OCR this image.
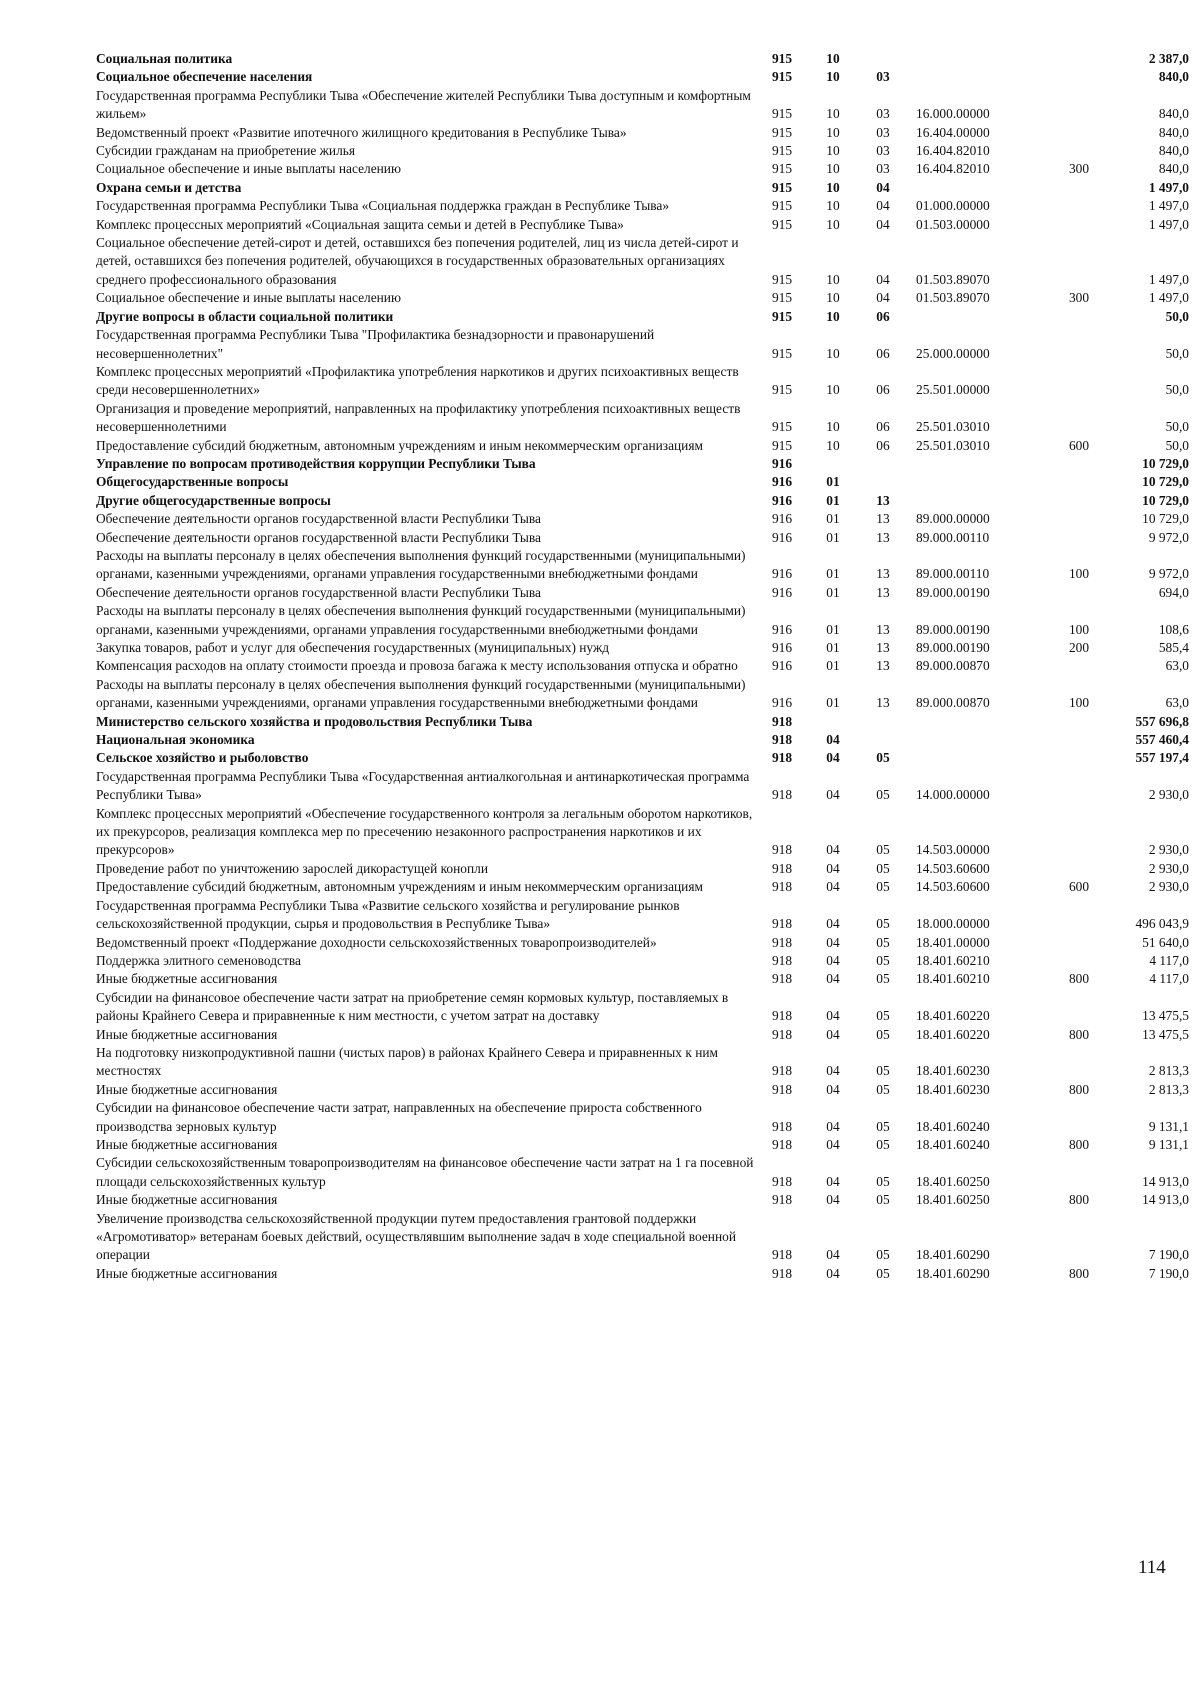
Социальная политика	915	10				2 387,0
Социальное обеспечение населения	915	10	03			840,0
Государственная программа Республики Тыва «Обеспечение жителей Республики Тыва доступным и комфортным жильем»	915	10	03	16.000.00000		840,0
Ведомственный проект «Развитие ипотечного жилищного кредитования в Республике Тыва»	915	10	03	16.404.00000		840,0
Субсидии гражданам на приобретение жилья	915	10	03	16.404.82010		840,0
Социальное обеспечение и иные выплаты населению	915	10	03	16.404.82010	300	840,0
Охрана семьи и детства	915	10	04			1 497,0
Государственная программа Республики Тыва «Социальная поддержка граждан в Республике Тыва»	915	10	04	01.000.00000		1 497,0
Комплекс процессных мероприятий «Социальная защита семьи и детей в Республике Тыва»	915	10	04	01.503.00000		1 497,0
Социальное обеспечение детей-сирот и детей, оставшихся без попечения родителей, лиц из числа детей-сирот и детей, оставшихся без попечения родителей, обучающихся в государственных образовательных организациях среднего профессионального образования	915	10	04	01.503.89070		1 497,0
Социальное обеспечение и иные выплаты населению	915	10	04	01.503.89070	300	1 497,0
Другие вопросы в области социальной политики	915	10	06			50,0
Государственная программа Республики Тыва "Профилактика безнадзорности и правонарушений несовершеннолетних"	915	10	06	25.000.00000		50,0
Комплекс процессных мероприятий «Профилактика употребления наркотиков и других психоактивных веществ среди несовершеннолетних»	915	10	06	25.501.00000		50,0
Организация и проведение мероприятий, направленных на профилактику употребления психоактивных веществ несовершеннолетними	915	10	06	25.501.03010		50,0
Предоставление субсидий бюджетным, автономным учреждениям и иным некоммерческим организациям	915	10	06	25.501.03010	600	50,0
Управление по вопросам противодействия коррупции Республики Тыва	916					10 729,0
Общегосударственные вопросы	916	01				10 729,0
Другие общегосударственные вопросы	916	01	13			10 729,0
Обеспечение деятельности органов государственной власти Республики Тыва	916	01	13	89.000.00000		10 729,0
Обеспечение деятельности органов государственной власти Республики Тыва	916	01	13	89.000.00110		9 972,0
Расходы на выплаты персоналу в целях обеспечения выполнения функций государственными (муниципальными) органами, казенными учреждениями, органами управления государственными внебюджетными фондами	916	01	13	89.000.00110	100	9 972,0
Обеспечение деятельности органов государственной власти Республики Тыва	916	01	13	89.000.00190		694,0
Расходы на выплаты персоналу в целях обеспечения выполнения функций государственными (муниципальными) органами, казенными учреждениями, органами управления государственными внебюджетными фондами	916	01	13	89.000.00190	100	108,6
Закупка товаров, работ и услуг для обеспечения государственных (муниципальных) нужд	916	01	13	89.000.00190	200	585,4
Компенсация расходов на оплату стоимости проезда и провоза багажа к месту использования отпуска и обратно	916	01	13	89.000.00870		63,0
Расходы на выплаты персоналу в целях обеспечения выполнения функций государственными (муниципальными) органами, казенными учреждениями, органами управления государственными внебюджетными фондами	916	01	13	89.000.00870	100	63,0
Министерство сельского хозяйства и продовольствия Республики Тыва	918					557 696,8
Национальная экономика	918	04				557 460,4
Сельское хозяйство и рыболовство	918	04	05			557 197,4
Государственная программа Республики Тыва «Государственная антиалкогольная и антинаркотическая программа Республики Тыва»	918	04	05	14.000.00000		2 930,0
Комплекс процессных мероприятий «Обеспечение государственного контроля за легальным оборотом наркотиков, их прекурсоров, реализация комплекса мер по пресечению незаконного распространения наркотиков и их прекурсоров»	918	04	05	14.503.00000		2 930,0
Проведение работ по уничтожению зарослей дикорастущей конопли	918	04	05	14.503.60600		2 930,0
Предоставление субсидий бюджетным, автономным учреждениям и иным некоммерческим организациям	918	04	05	14.503.60600	600	2 930,0
Государственная программа Республики Тыва «Развитие сельского хозяйства и регулирование рынков сельскохозяйственной продукции, сырья и продовольствия в Республике Тыва»	918	04	05	18.000.00000		496 043,9
Ведомственный проект «Поддержание доходности сельскохозяйственных товаропроизводителей»	918	04	05	18.401.00000		51 640,0
Поддержка элитного семеноводства	918	04	05	18.401.60210		4 117,0
Иные бюджетные ассигнования	918	04	05	18.401.60210	800	4 117,0
Субсидии на финансовое обеспечение части затрат на приобретение семян кормовых культур, поставляемых в районы Крайнего Севера и приравненные к ним местности, с учетом затрат на доставку	918	04	05	18.401.60220		13 475,5
Иные бюджетные ассигнования	918	04	05	18.401.60220	800	13 475,5
На подготовку низкопродуктивной пашни (чистых паров) в районах Крайнего Севера и приравненных к ним местностях	918	04	05	18.401.60230		2 813,3
Иные бюджетные ассигнования	918	04	05	18.401.60230	800	2 813,3
Субсидии на финансовое обеспечение части затрат, направленных на обеспечение прироста собственного производства зерновых культур	918	04	05	18.401.60240		9 131,1
Иные бюджетные ассигнования	918	04	05	18.401.60240	800	9 131,1
Субсидии сельскохозяйственным товаропроизводителям на финансовое обеспечение части затрат на 1 га посевной площади сельскохозяйственных культур	918	04	05	18.401.60250		14 913,0
Иные бюджетные ассигнования	918	04	05	18.401.60250	800	14 913,0
Увеличение производства сельскохозяйственной продукции путем предоставления грантовой поддержки «Агромотиватор» ветеранам боевых действий, осуществлявшим выполнение задач в ходе специальной военной операции	918	04	05	18.401.60290		7 190,0
Иные бюджетные ассигнования	918	04	05	18.401.60290	800	7 190,0
114
